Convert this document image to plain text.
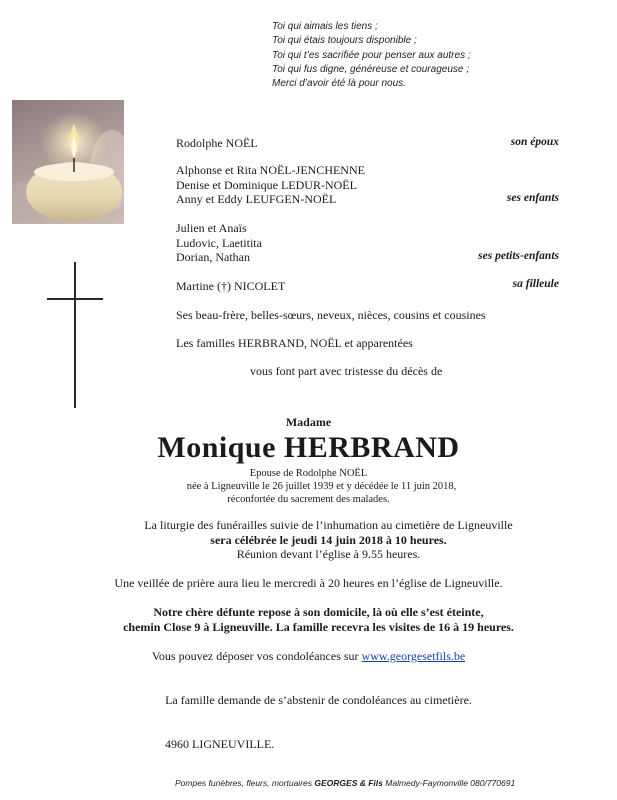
Toi qui aimais les tiens ;
Toi qui étais toujours disponible ;
Toi qui t’es sacrifiée pour penser aux autres ;
Toi qui fus digne, généreuse et courageuse ;
Merci d’avoir été là pour nous.
Rodolphe NOËL	son époux
Alphonse et Rita NOËL-JENCHENNE
Denise et Dominique LEDUR-NOËL
Anny et Eddy LEUFGEN-NOËL	ses enfants
Julien et Anaïs
Ludovic, Laetitita
Dorian, Nathan	ses petits-enfants
Martine (†) NICOLET	sa filleule
Ses beau-frère, belles-sœurs, neveux, nièces, cousins et cousines
Les familles HERBRAND, NOËL et apparentées
vous font part avec tristesse du décès de
Madame
Monique HERBRAND
Epouse de Rodolphe NOËL
née à Ligneuville le 26 juillet 1939 et y décédée le 11 juin 2018,
réconfortée du sacrement des malades.
La liturgie des funérailles suivie de l’inhumation au cimetière de Ligneuville
sera célébrée le jeudi 14 juin 2018 à 10 heures.
Réunion devant l’église à 9.55 heures.
Une veillée de prière aura lieu le mercredi à 20 heures en l’église de Ligneuville.
Notre chère défunte repose à son domicile, là où elle s’est éteinte,
chemin Close 9 à Ligneuville. La famille recevra les visites de 16 à 19 heures.
Vous pouvez déposer vos condoléances sur www.georgesetfils.be
La famille demande de s’abstenir de condoléances au cimetière.
4960 LIGNEUVILLE.
Pompes funèbres, fleurs, mortuaires GEORGES & Fils Malmedy-Faymonville 080/770691
